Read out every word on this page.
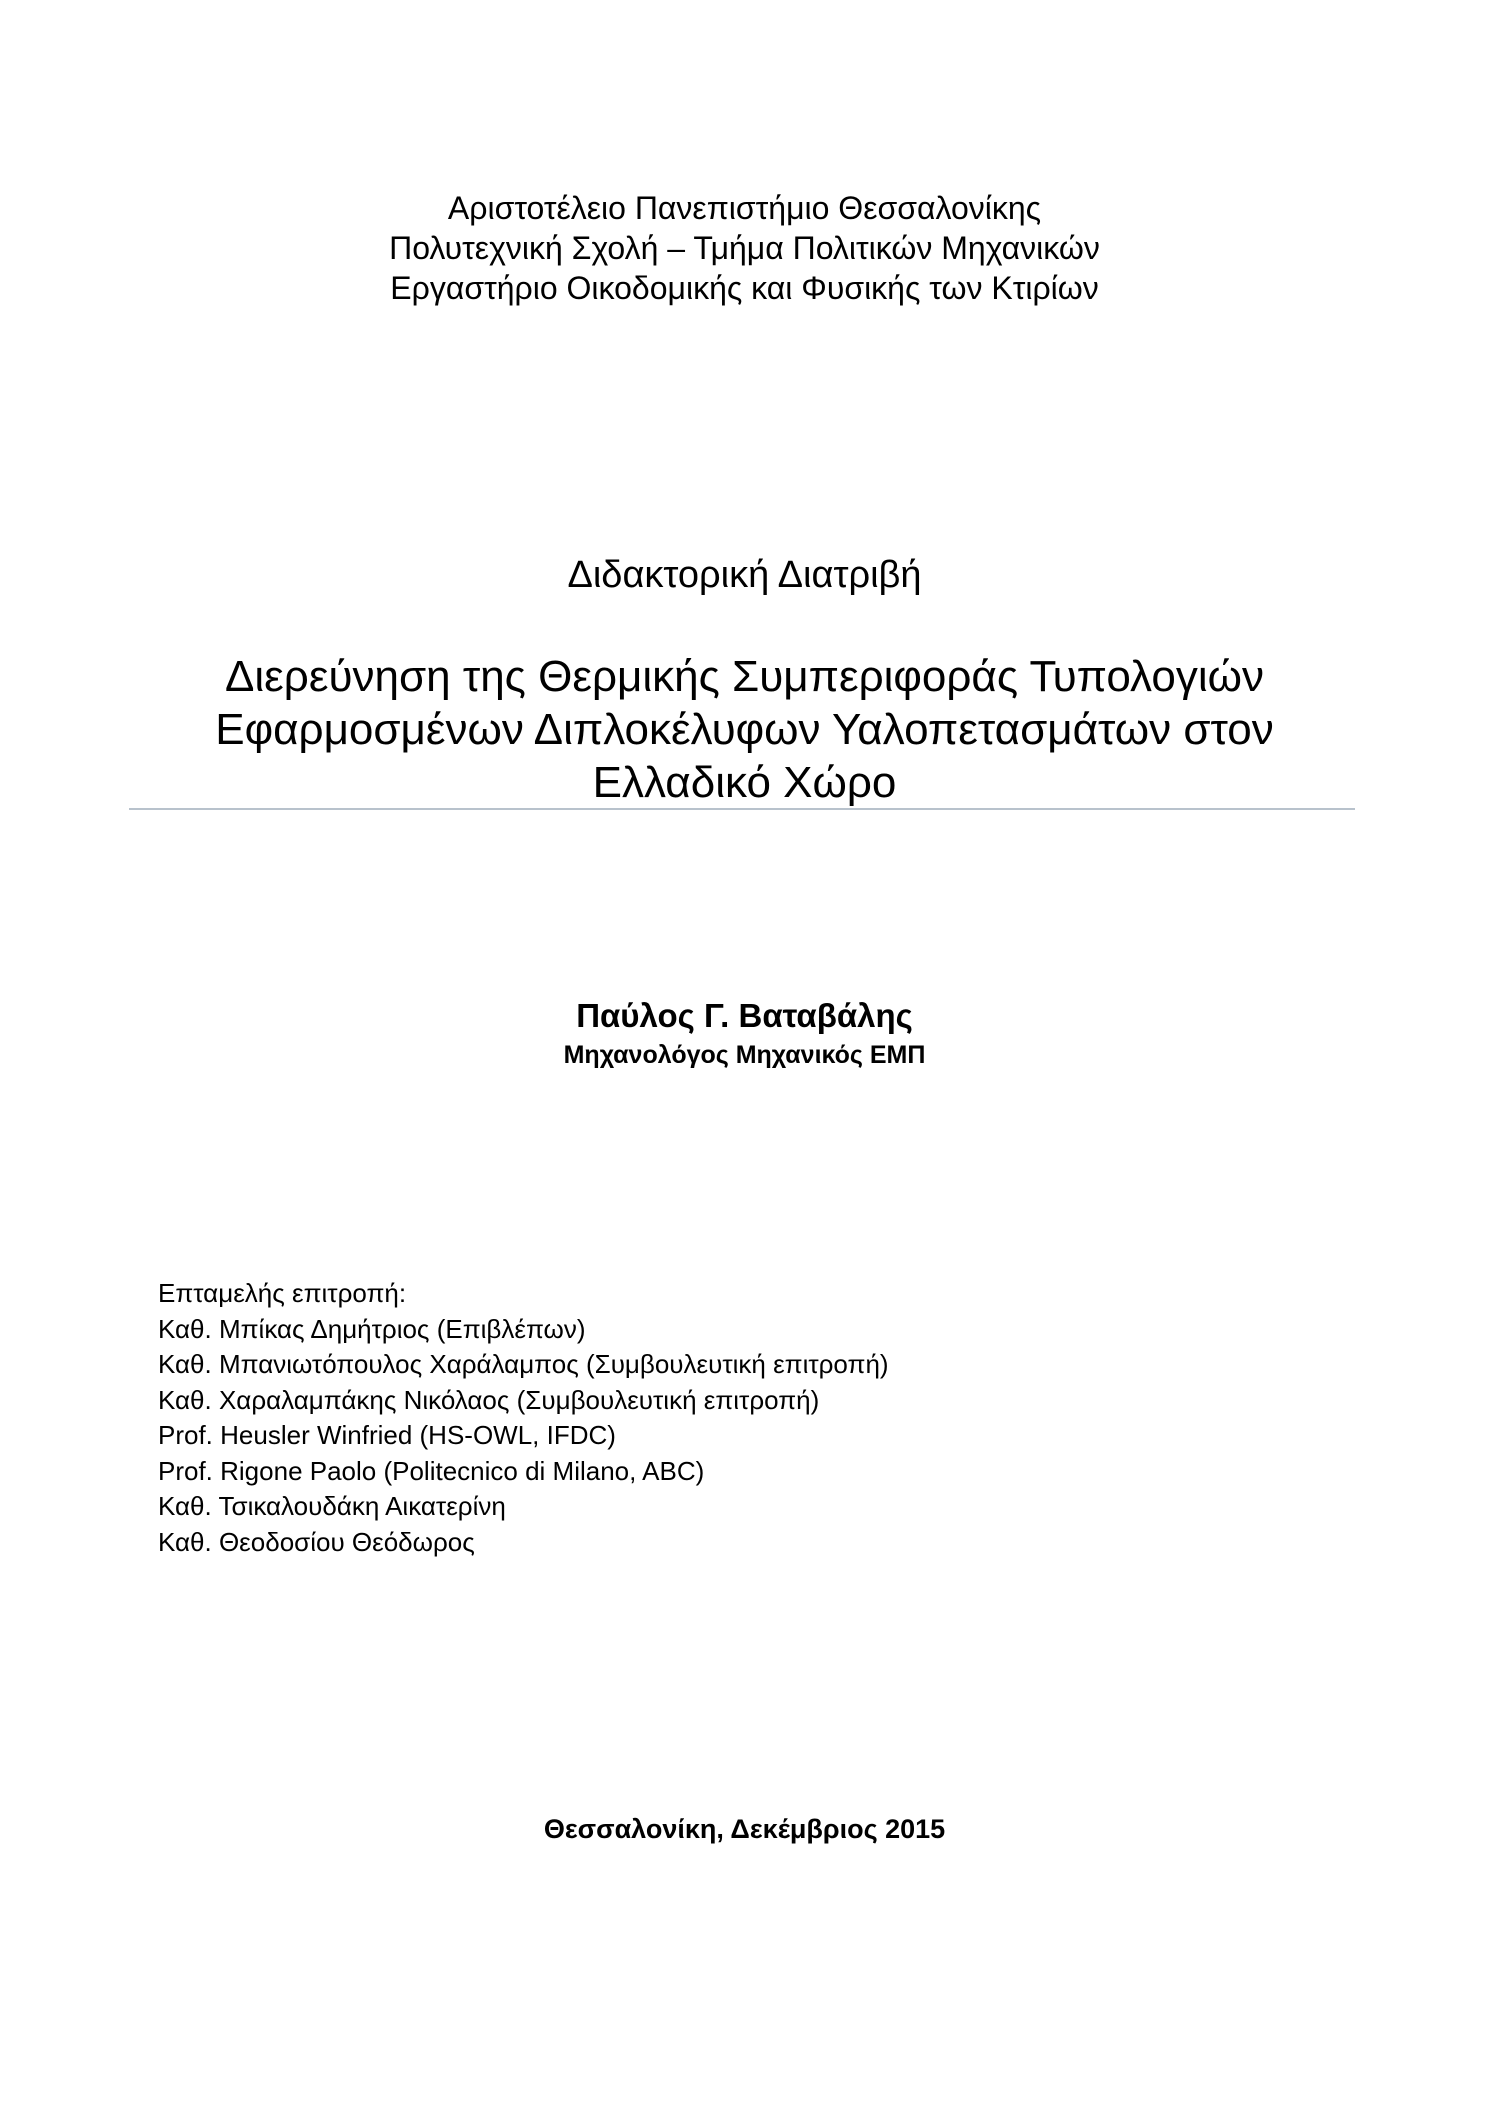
Αριστοτέλειο Πανεπιστήμιο Θεσσαλονίκης
Πολυτεχνική Σχολή – Τμήμα Πολιτικών Μηχανικών
Εργαστήριο Οικοδομικής και Φυσικής των Κτιρίων
Διδακτορική Διατριβή
Διερεύνηση της Θερμικής Συμπεριφοράς Τυπολογιών
Εφαρμοσμένων Διπλοκέλυφων Υαλοπετασμάτων στον
Ελλαδικό Χώρο
Παύλος Γ. Βαταβάλης
Μηχανολόγος Μηχανικός ΕΜΠ
Επταμελής επιτροπή:
Καθ. Μπίκας Δημήτριος (Επιβλέπων)
Καθ. Μπανιωτόπουλος Χαράλαμπος (Συμβουλευτική επιτροπή)
Καθ. Χαραλαμπάκης Νικόλαος (Συμβουλευτική επιτροπή)
Prof. Heusler Winfried (HS-OWL, IFDC)
Prof. Rigone Paolo (Politecnico di Milano, ABC)
Καθ. Τσικαλουδάκη Αικατερίνη
Καθ. Θεοδοσίου Θεόδωρος
Θεσσαλονίκη, Δεκέμβριος 2015
